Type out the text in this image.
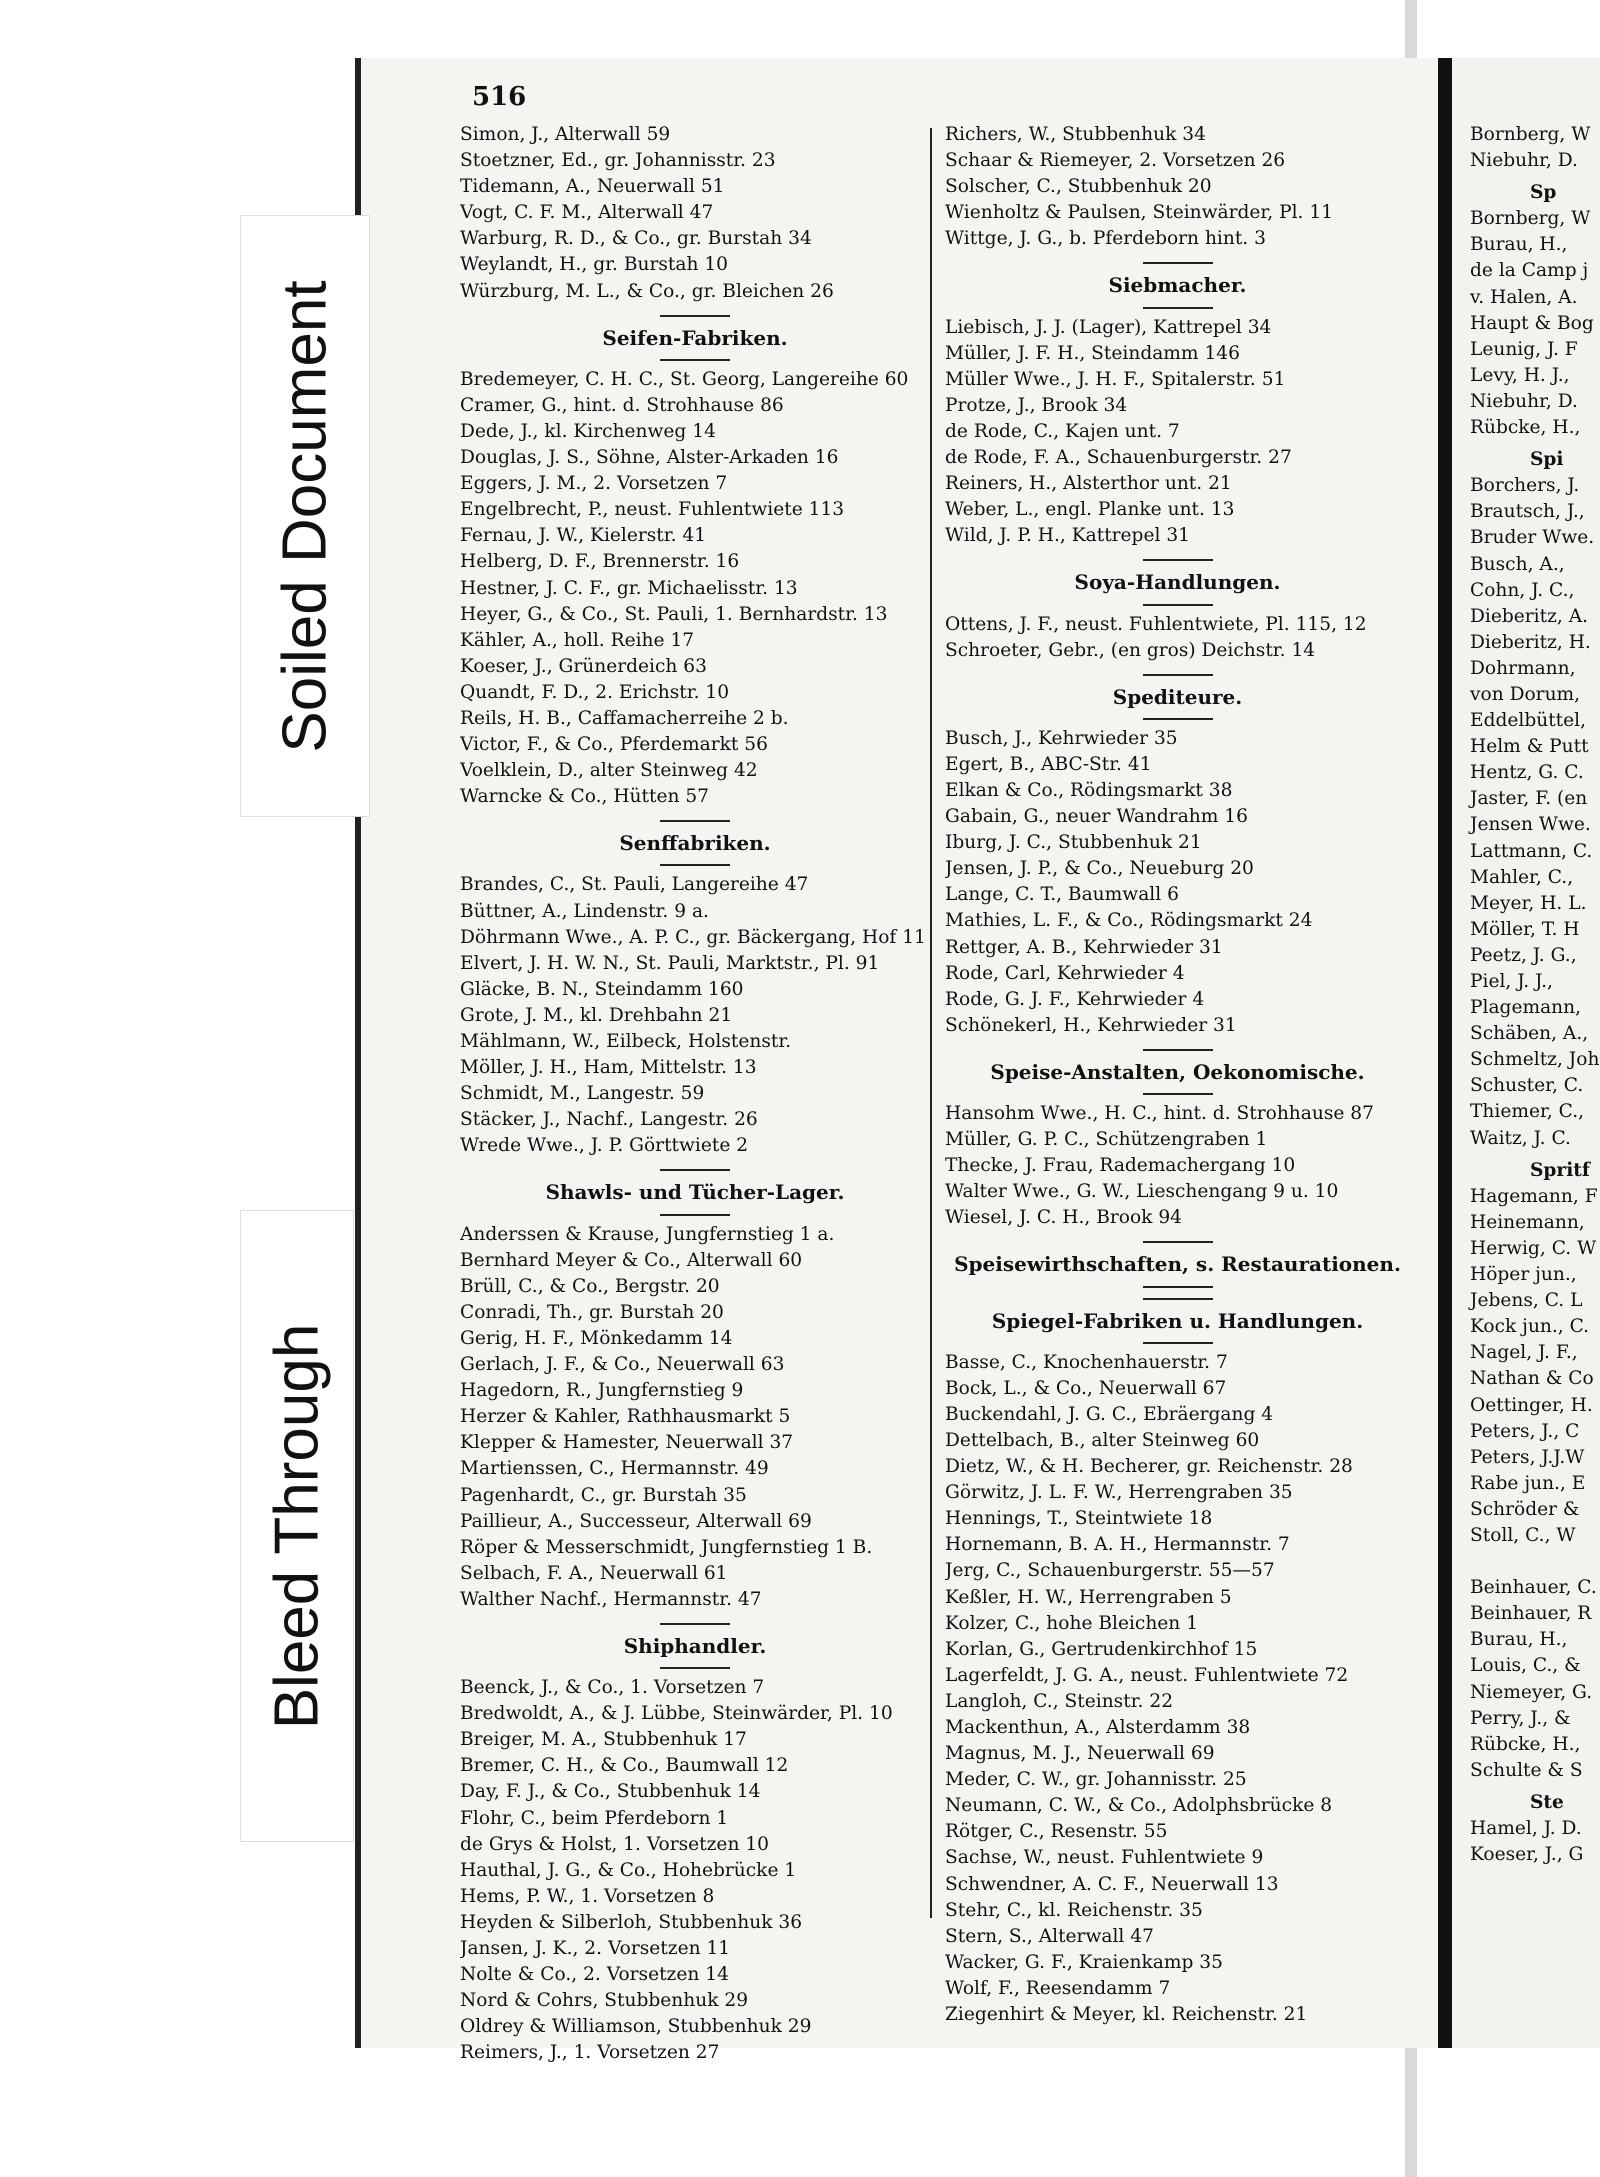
516
Simon, J., Alterwall 59
Stoetzner, Ed., gr. Johannisstr. 23
Tidemann, A., Neuerwall 51
Vogt, C. F. M., Alterwall 47
Warburg, R. D., & Co., gr. Burstah 34
Weylandt, H., gr. Burstah 10
Würzburg, M. L., & Co., gr. Bleichen 26
Seifen-Fabriken.
Bredemeyer, C. H. C., St. Georg, Langereihe 60
Cramer, G., hint. d. Strohhause 86
Dede, J., kl. Kirchenweg 14
Douglas, J. S., Söhne, Alster-Arkaden 16
Eggers, J. M., 2. Vorsetzen 7
Engelbrecht, P., neust. Fuhlentwiete 113
Fernau, J. W., Kielerstr. 41
Helberg, D. F., Brennerstr. 16
Hestner, J. C. F., gr. Michaelisstr. 13
Heyer, G., & Co., St. Pauli, 1. Bernhardstr. 13
Kähler, A., holl. Reihe 17
Koeser, J., Grünerdeich 63
Quandt, F. D., 2. Erichstr. 10
Reils, H. B., Caffamacherreihe 2 b.
Victor, F., & Co., Pferdemarkt 56
Voelklein, D., alter Steinweg 42
Warncke & Co., Hütten 57
Senffabriken.
Brandes, C., St. Pauli, Langereihe 47
Büttner, A., Lindenstr. 9 a.
Döhrmann Wwe., A. P. C., gr. Bäckergang, Hof 11
Elvert, J. H. W. N., St. Pauli, Marktstr., Pl. 91
Gläcke, B. N., Steindamm 160
Grote, J. M., kl. Drehbahn 21
Mählmann, W., Eilbeck, Holstenstr.
Möller, J. H., Ham, Mittelstr. 13
Schmidt, M., Langestr. 59
Stäcker, J., Nachf., Langestr. 26
Wrede Wwe., J. P. Görttwiete 2
Shawls- und Tücher-Lager.
Anderssen & Krause, Jungfernstieg 1 a.
Bernhard Meyer & Co., Alterwall 60
Brüll, C., & Co., Bergstr. 20
Conradi, Th., gr. Burstah 20
Gerig, H. F., Mönkedamm 14
Gerlach, J. F., & Co., Neuerwall 63
Hagedorn, R., Jungfernstieg 9
Herzer & Kahler, Rathhausmarkt 5
Klepper & Hamester, Neuerwall 37
Martienssen, C., Hermannstr. 49
Pagenhardt, C., gr. Burstah 35
Paillieur, A., Successeur, Alterwall 69
Röper & Messerschmidt, Jungfernstieg 1 B.
Selbach, F. A., Neuerwall 61
Walther Nachf., Hermannstr. 47
Shiphandler.
Beenck, J., & Co., 1. Vorsetzen 7
Bredwoldt, A., & J. Lübbe, Steinwärder, Pl. 10
Breiger, M. A., Stubbenhuk 17
Bremer, C. H., & Co., Baumwall 12
Day, F. J., & Co., Stubbenhuk 14
Flohr, C., beim Pferdeborn 1
de Grys & Holst, 1. Vorsetzen 10
Hauthal, J. G., & Co., Hohebrücke 1
Hems, P. W., 1. Vorsetzen 8
Heyden & Silberloh, Stubbenhuk 36
Jansen, J. K., 2. Vorsetzen 11
Nolte & Co., 2. Vorsetzen 14
Nord & Cohrs, Stubbenhuk 29
Oldrey & Williamson, Stubbenhuk 29
Reimers, J., 1. Vorsetzen 27
Richers, W., Stubbenhuk 34
Schaar & Riemeyer, 2. Vorsetzen 26
Solscher, C., Stubbenhuk 20
Wienholtz & Paulsen, Steinwärder, Pl. 11
Wittge, J. G., b. Pferdeborn hint. 3
Siebmacher.
Liebisch, J. J. (Lager), Kattrepel 34
Müller, J. F. H., Steindamm 146
Müller Wwe., J. H. F., Spitalerstr. 51
Protze, J., Brook 34
de Rode, C., Kajen unt. 7
de Rode, F. A., Schauenburgerstr. 27
Reiners, H., Alsterthor unt. 21
Weber, L., engl. Planke unt. 13
Wild, J. P. H., Kattrepel 31
Soya-Handlungen.
Ottens, J. F., neust. Fuhlentwiete, Pl. 115, 12
Schroeter, Gebr., (en gros) Deichstr. 14
Spediteure.
Busch, J., Kehrwieder 35
Egert, B., ABC-Str. 41
Elkan & Co., Rödingsmarkt 38
Gabain, G., neuer Wandrahm 16
Iburg, J. C., Stubbenhuk 21
Jensen, J. P., & Co., Neueburg 20
Lange, C. T., Baumwall 6
Mathies, L. F., & Co., Rödingsmarkt 24
Rettger, A. B., Kehrwieder 31
Rode, Carl, Kehrwieder 4
Rode, G. J. F., Kehrwieder 4
Schönekerl, H., Kehrwieder 31
Speise-Anstalten, Oekonomische.
Hansohm Wwe., H. C., hint. d. Strohhause 87
Müller, G. P. C., Schützengraben 1
Thecke, J. Frau, Rademachergang 10
Walter Wwe., G. W., Lieschengang 9 u. 10
Wiesel, J. C. H., Brook 94
Speisewirthschaften, s. Restaurationen.
Spiegel-Fabriken u. Handlungen.
Basse, C., Knochenhauerstr. 7
Bock, L., & Co., Neuerwall 67
Buckendahl, J. G. C., Ebräergang 4
Dettelbach, B., alter Steinweg 60
Dietz, W., & H. Becherer, gr. Reichenstr. 28
Görwitz, J. L. F. W., Herrengraben 35
Hennings, T., Steintwiete 18
Hornemann, B. A. H., Hermannstr. 7
Jerg, C., Schauenburgerstr. 55—57
Keßler, H. W., Herrengraben 5
Kolzer, C., hohe Bleichen 1
Korlan, G., Gertrudenkirchhof 15
Lagerfeldt, J. G. A., neust. Fuhlentwiete 72
Langloh, C., Steinstr. 22
Mackenthun, A., Alsterdamm 38
Magnus, M. J., Neuerwall 69
Meder, C. W., gr. Johannisstr. 25
Neumann, C. W., & Co., Adolphsbrücke 8
Rötger, C., Resenstr. 55
Sachse, W., neust. Fuhlentwiete 9
Schwendner, A. C. F., Neuerwall 13
Stehr, C., kl. Reichenstr. 35
Stern, S., Alterwall 47
Wacker, G. F., Kraienkamp 35
Wolf, F., Reesendamm 7
Ziegenhirt & Meyer, kl. Reichenstr. 21
Bornberg, W
Niebuhr, D.
Sp
Bornberg, W
Burau, H.,
de la Camp j
v. Halen, A.
Haupt & Bog
Leunig, J. F
Levy, H. J.,
Niebuhr, D.
Rübcke, H.,
Spi
Borchers, J.
Brautsch, J.,
Bruder Wwe.
Busch, A.,
Cohn, J. C.,
Dieberitz, A.
Dieberitz, H.
Dohrmann,
von Dorum,
Eddelbüttel,
Helm & Putt
Hentz, G. C.
Jaster, F. (en
Jensen Wwe.
Lattmann, C.
Mahler, C.,
Meyer, H. L.
Möller, T. H
Peetz, J. G.,
Piel, J. J.,
Plagemann,
Schäben, A.,
Schmeltz, Joh
Schuster, C.
Thiemer, C.,
Waitz, J. C.
Spritf
Hagemann, F
Heinemann,
Herwig, C. W
Höper jun.,
Jebens, C. L
Kock jun., C.
Nagel, J. F.,
Nathan & Co
Oettinger, H.
Peters, J., C
Peters, J.J.W
Rabe jun., E
Schröder &
Stoll, C., W
Beinhauer, C.
Beinhauer, R
Burau, H.,
Louis, C., &
Niemeyer, G.
Perry, J., &
Rübcke, H.,
Schulte & S
Ste
Hamel, J. D.
Koeser, J., G
Soiled Document
Bleed Through
